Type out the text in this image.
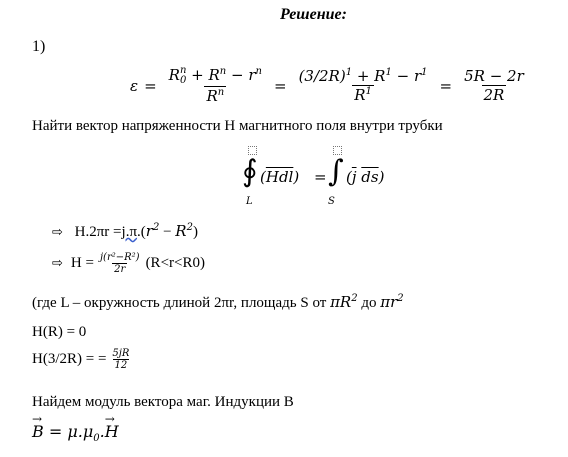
Решение:
1)
ε = R n
$0 + R^n - r^n$
$R^n = \frac{(3/2R)^1 + R^1 - r^1}{R^1} = \frac{5R - 2r}{2R}$
Найти вектор напряженности H магнитного поля внутри трубки
∮
L
$(\overline{Hdl})$ = ∫
S
($\overline{j}$ $\overline{ds}$)
⇨ $H.2\pi r =j.\pi.(r^2 - R^2)$
⇨ $H = \frac{\text{j(r²−R²)}}{2r} (R<r<R0)$
(где L – окружность длиной 2πr, площадь S от $\pi R^2$ до $\pi r^2$
H(R) = 0
H(3/2R) = = $\frac{5jR}{12}$
Найдем модуль вектора маг. Индукции B
→
$B = \mu.\mu_0$.
→
H
